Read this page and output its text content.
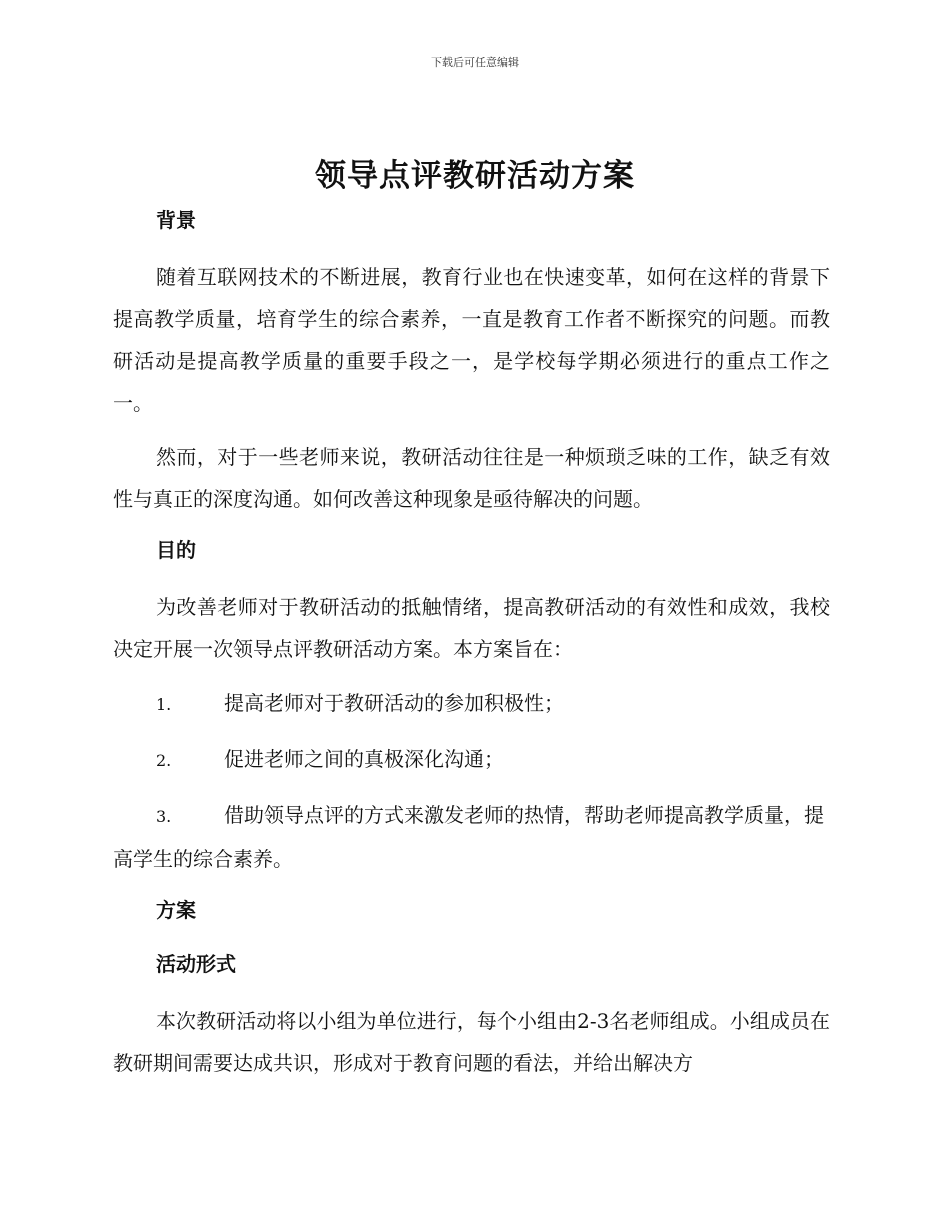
下载后可任意编辑
领导点评教研活动方案
背景

随着互联网技术的不断进展，教育行业也在快速变革，如何在这样的背景下提高教学质量，培育学生的综合素养，一直是教育工作者不断探究的问题。而教研活动是提高教学质量的重要手段之一，是学校每学期必须进行的重点工作之一。

然而，对于一些老师来说，教研活动往往是一种烦琐乏味的工作，缺乏有效性与真正的深度沟通。如何改善这种现象是亟待解决的问题。

目的

为改善老师对于教研活动的抵触情绪，提高教研活动的有效性和成效，我校决定开展一次领导点评教研活动方案。本方案旨在：

1.	提高老师对于教研活动的参加积极性；
2.	促进老师之间的真极深化沟通；
3.	借助领导点评的方式来激发老师的热情，帮助老师提高教学质量，提高学生的综合素养。
方案
活动形式

本次教研活动将以小组为单位进行，每个小组由2-3名老师组成。小组成员在教研期间需要达成共识，形成对于教育问题的看法，并给出解决方
